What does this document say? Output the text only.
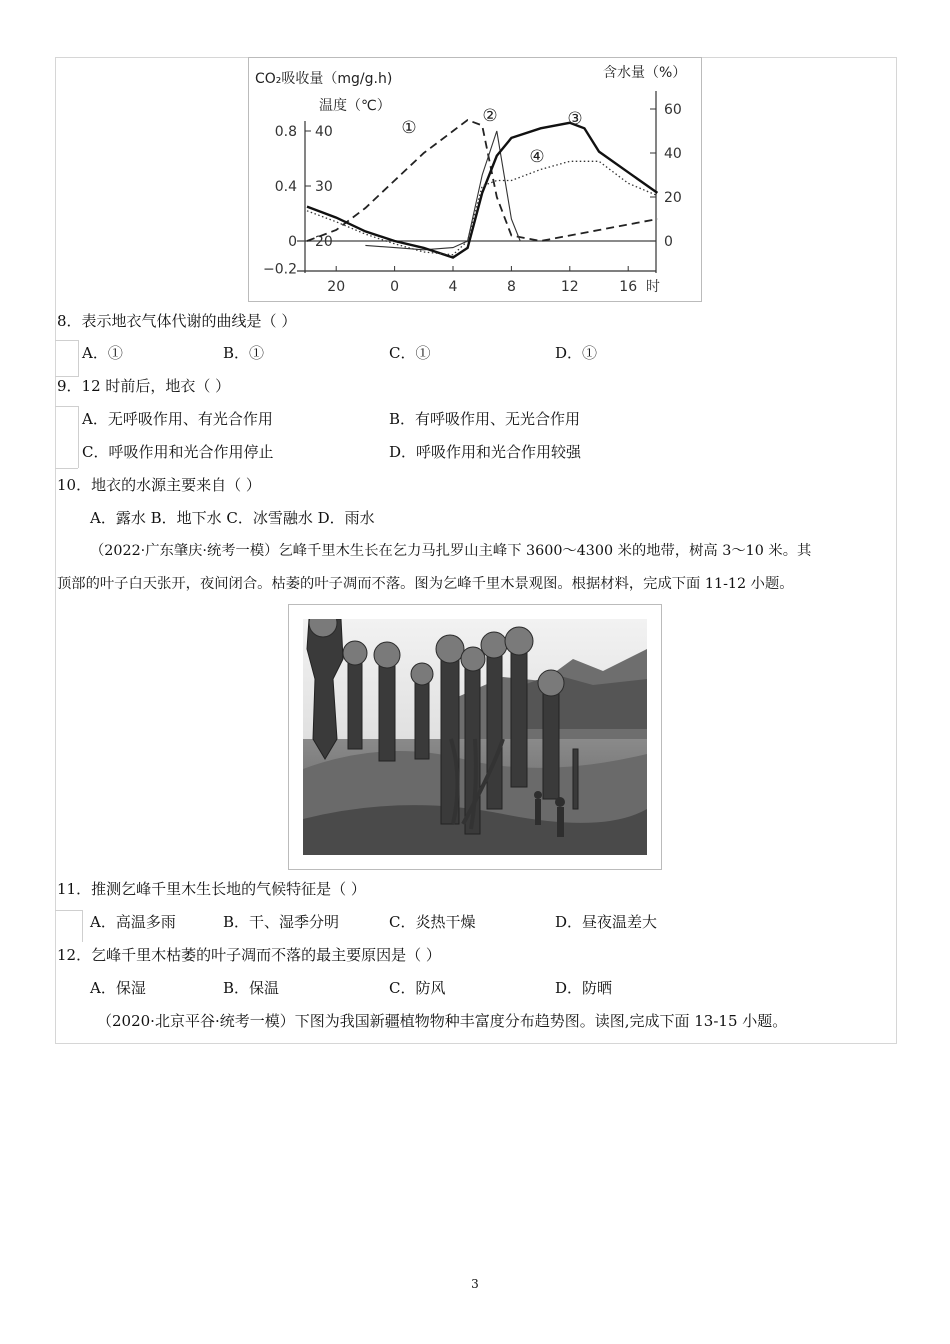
CO₂吸收量（mg/g.h)
温度（℃）
含水量（%）
0.8
0.4
0
−0.2
40
30
20
60
40
20
0
20	0	4	8	12	16 时
①
②	③
④
8．表示地衣气体代谢的曲线是（ ）
A．①	B．①	C．①	D．①
9．12 时前后，地衣（ ）
A．无呼吸作用、有光合作用	B．有呼吸作用、无光合作用
C．呼吸作用和光合作用停止	D．呼吸作用和光合作用较强
10．地衣的水源主要来自（ ）
A．露水 B．地下水 C．冰雪融水 D．雨水
（2022·广东肇庆·统考一模）乞峰千里木生长在乞力马扎罗山主峰下 3600～4300 米的地带，树高 3～10 米。其
顶部的叶子白天张开，夜间闭合。枯萎的叶子凋而不落。图为乞峰千里木景观图。根据材料，完成下面 11-12 小题。
11．推测乞峰千里木生长地的气候特征是（ ）
A．高温多雨	B．干、湿季分明	C．炎热干燥	D．昼夜温差大
12．乞峰千里木枯萎的叶子凋而不落的最主要原因是（ ）
A．保湿	B．保温	C．防风	D．防晒
（2020·北京平谷·统考一模）下图为我国新疆植物物种丰富度分布趋势图。读图,完成下面 13-15 小题。
3
